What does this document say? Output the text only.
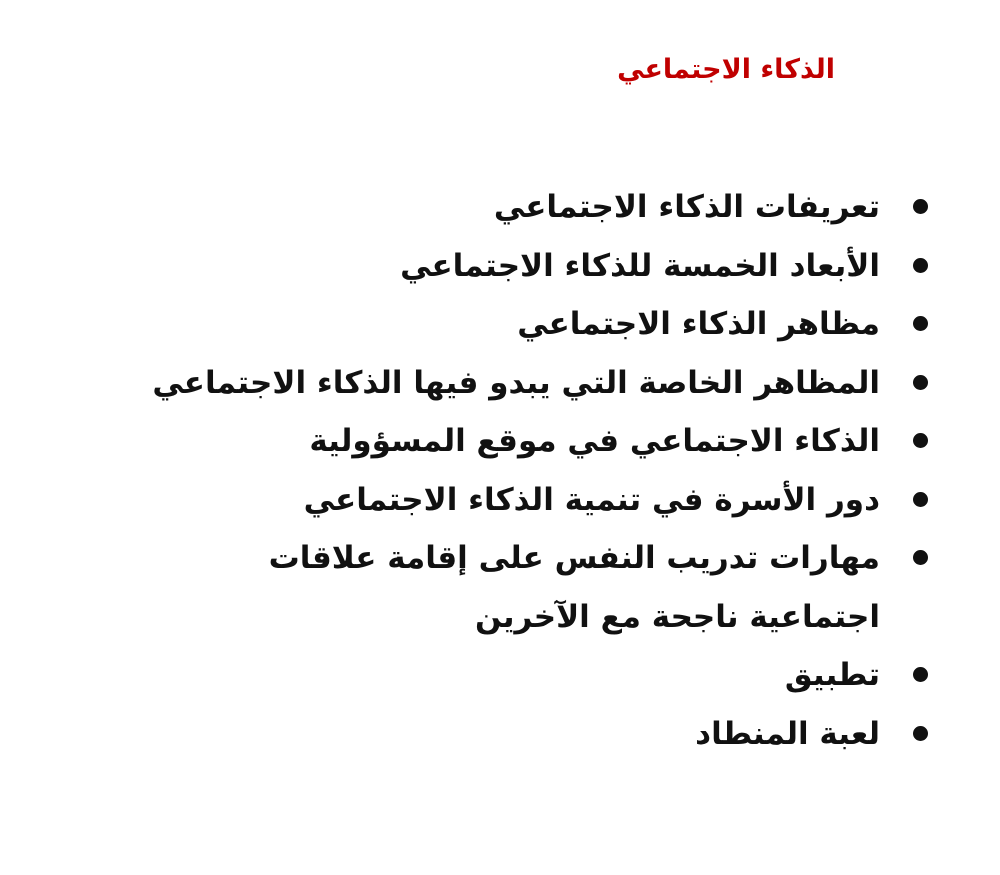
الذكاء الاجتماعي
تعريفات الذكاء الاجتماعي
الأبعاد الخمسة للذكاء الاجتماعي
مظاهر الذكاء الاجتماعي
المظاهر الخاصة التي يبدو فيها الذكاء الاجتماعي
الذكاء الاجتماعي في موقع المسؤولية
دور الأسرة في تنمية الذكاء الاجتماعي
مهارات تدريب النفس على إقامة علاقات اجتماعية ناجحة مع الآخرين
تطبيق
لعبة المنطاد
